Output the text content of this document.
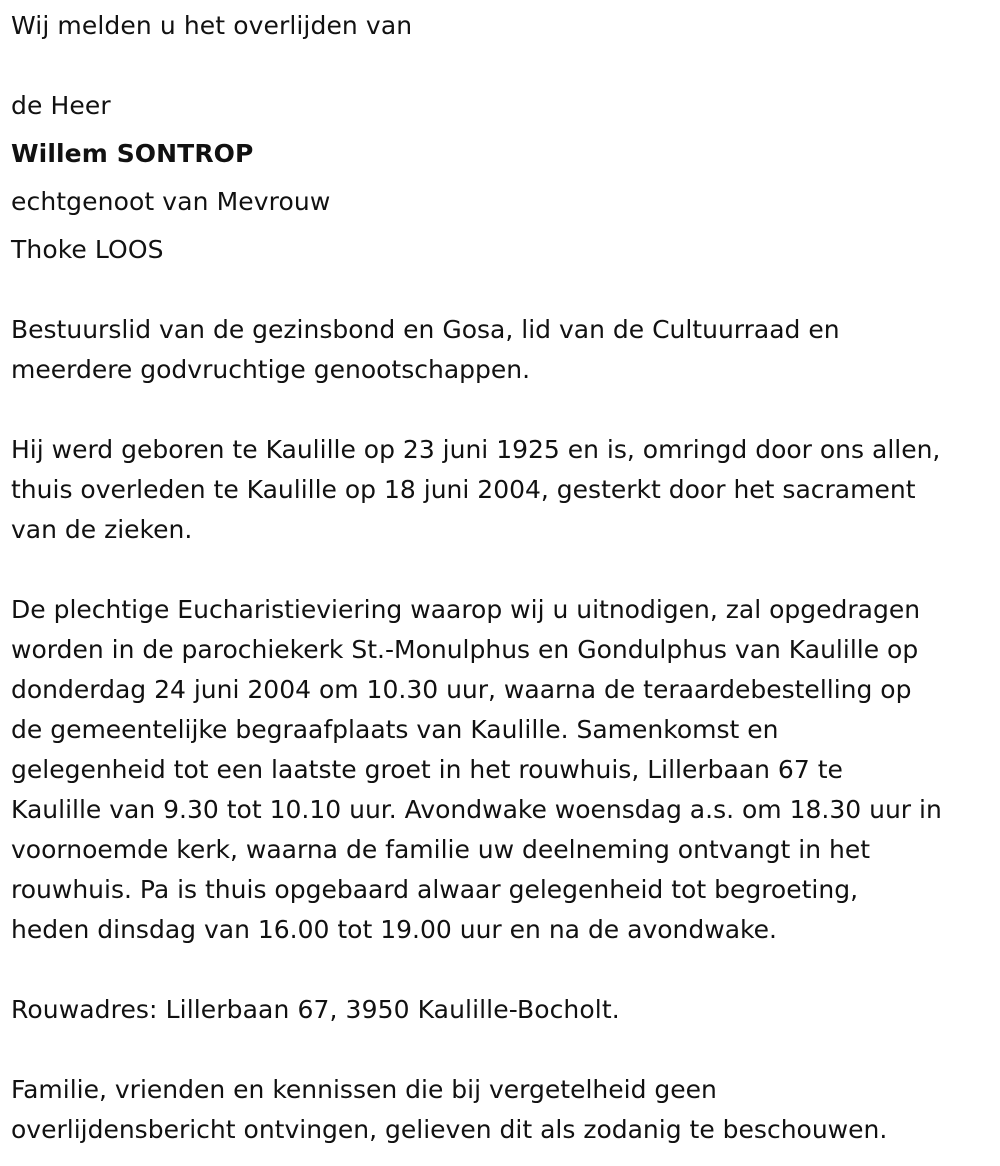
Wij melden u het overlijden van
de Heer
Willem SONTROP
echtgenoot van Mevrouw
Thoke LOOS
Bestuurslid van de gezinsbond en Gosa, lid van de Cultuurraad en
meerdere godvruchtige genootschappen.
Hij werd geboren te Kaulille op 23 juni 1925 en is, omringd door ons allen,
thuis overleden te Kaulille op 18 juni 2004, gesterkt door het sacrament
van de zieken.
De plechtige Eucharistieviering waarop wij u uitnodigen, zal opgedragen
worden in de parochiekerk St.-Monulphus en Gondulphus van Kaulille op
donderdag 24 juni 2004 om 10.30 uur, waarna de teraardebestelling op
de gemeentelijke begraafplaats van Kaulille. Samenkomst en
gelegenheid tot een laatste groet in het rouwhuis, Lillerbaan 67 te
Kaulille van 9.30 tot 10.10 uur. Avondwake woensdag a.s. om 18.30 uur in
voornoemde kerk, waarna de familie uw deelneming ontvangt in het
rouwhuis. Pa is thuis opgebaard alwaar gelegenheid tot begroeting,
heden dinsdag van 16.00 tot 19.00 uur en na de avondwake.
Rouwadres: Lillerbaan 67, 3950 Kaulille-Bocholt.
Familie, vrienden en kennissen die bij vergetelheid geen
overlijdensbericht ontvingen, gelieven dit als zodanig te beschouwen.
